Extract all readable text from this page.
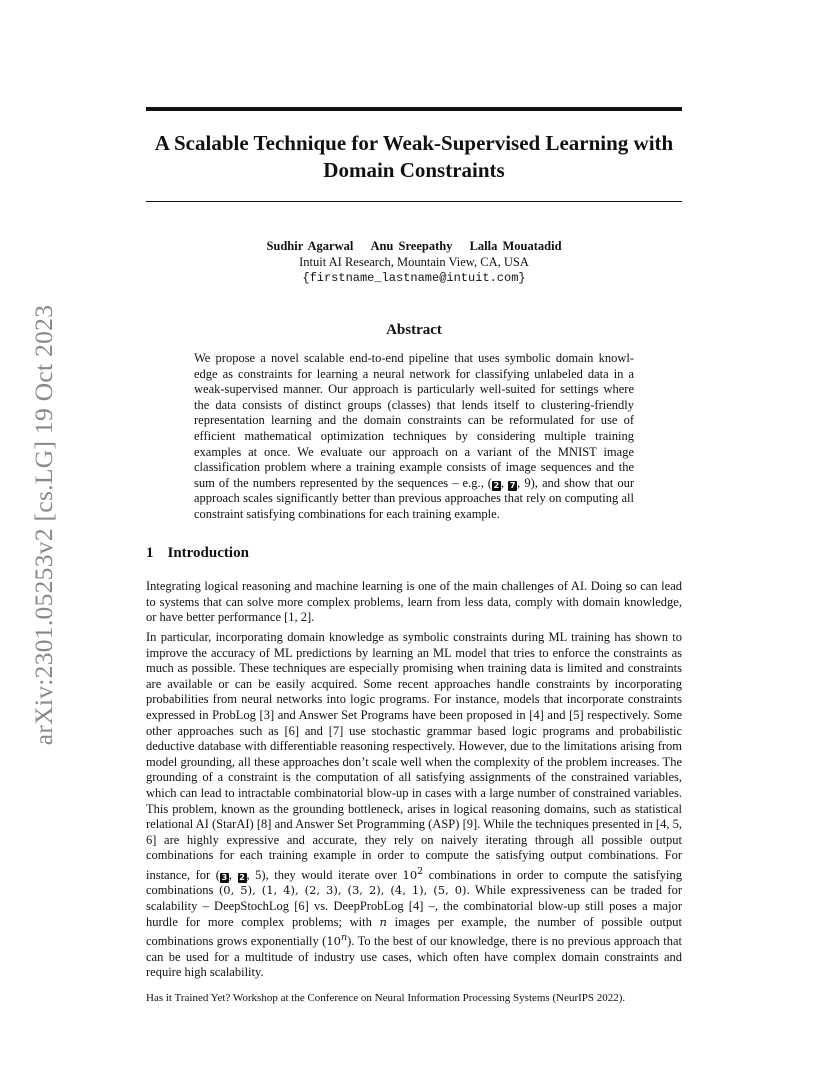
arXiv:2301.05253v2 [cs.LG] 19 Oct 2023
A Scalable Technique for Weak-Supervised Learning with Domain Constraints
Sudhir Agarwal Anu Sreepathy Lalla Mouatadid
Intuit AI Research, Mountain View, CA, USA
{firstname_lastname@intuit.com}
Abstract

We propose a novel scalable end-to-end pipeline that uses symbolic domain knowl-edge as constraints for learning a neural network for classifying unlabeled data in a weak-supervised manner. Our approach is particularly well-suited for settings where the data consists of distinct groups (classes) that lends itself to clustering-friendly representation learning and the domain constraints can be reformulated for use of efficient mathematical optimization techniques by considering multiple training examples at once. We evaluate our approach on a variant of the MNIST image classification problem where a training example consists of image sequences and the sum of the numbers represented by the sequences – e.g., ( 2 , 7 , 9), and show that our approach scales significantly better than previous approaches that rely on computing all constraint satisfying combinations for each training example.

1 Introduction

Integrating logical reasoning and machine learning is one of the main challenges of AI. Doing so can lead to systems that can solve more complex problems, learn from less data, comply with domain knowledge, or have better performance [1, 2].

In particular, incorporating domain knowledge as symbolic constraints during ML training has shown to improve the accuracy of ML predictions by learning an ML model that tries to enforce the constraints as much as possible. These techniques are especially promising when training data is limited and constraints are available or can be easily acquired. Some recent approaches handle constraints by incorporating probabilities from neural networks into logic programs. For instance, models that incorporate constraints expressed in ProbLog [3] and Answer Set Programs have been proposed in [4] and [5] respectively. Some other approaches such as [6] and [7] use stochastic grammar based logic programs and probabilistic deductive database with differentiable reasoning respectively. However, due to the limitations arising from model grounding, all these approaches don’t scale well when the complexity of the problem increases. The grounding of a constraint is the computation of all satisfying assignments of the constrained variables, which can lead to intractable combinatorial blow-up in cases with a large number of constrained variables. This problem, known as the grounding bottleneck, arises in logical reasoning domains, such as statistical relational AI (StarAI) [8] and Answer Set Programming (ASP) [9]. While the techniques presented in [4, 5, 6] are highly expressive and accurate, they rely on naively iterating through all possible output combinations for each training example in order to compute the satisfying output combinations. For instance, for ( 3 , 2 , 5), they would iterate over $10^2$ combinations in order to compute the satisfying combinations (0, 5), (1, 4), (2, 3), (3, 2), (4, 1), (5, 0). While expressiveness can be traded for scalability – DeepStochLog [6] vs. DeepProbLog [4] –, the combinatorial blow-up still poses a major hurdle for more complex problems; with n images per example, the number of possible output combinations grows exponentially (10$^n$). To the best of our knowledge, there is no previous approach that can be used for a multitude of industry use cases, which often have complex domain constraints and require high scalability.

Has it Trained Yet? Workshop at the Conference on Neural Information Processing Systems (NeurIPS 2022).
